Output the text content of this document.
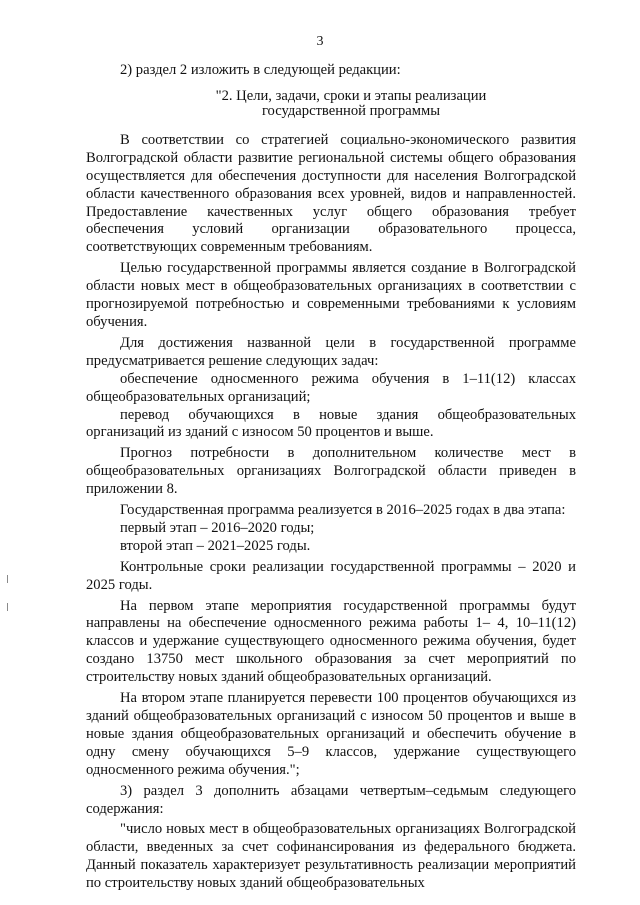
3

2) раздел 2 изложить в следующей редакции:

"2. Цели, задачи, сроки и этапы реализации
государственной программы

В соответствии со стратегией социально-экономического развития Волгоградской области развитие региональной системы общего образования осуществляется для обеспечения доступности для населения Волгоградской области качественного образования всех уровней, видов и направленностей. Предоставление качественных услуг общего образования требует обеспечения условий организации образовательного процесса, соответствующих современным требованиям.

Целью государственной программы является создание в Волгоградской области новых мест в общеобразовательных организациях в соответствии с прогнозируемой потребностью и современными требованиями к условиям обучения.

Для достижения названной цели в государственной программе предусматривается решение следующих задач:

обеспечение односменного режима обучения в 1–11(12) классах общеобразовательных организаций;

перевод обучающихся в новые здания общеобразовательных организаций из зданий с износом 50 процентов и выше.

Прогноз потребности в дополнительном количестве мест в общеобразовательных организациях Волгоградской области приведен в приложении 8.

Государственная программа реализуется в 2016–2025 годах в два этапа:

первый этап – 2016–2020 годы;

второй этап – 2021–2025 годы.

Контрольные сроки реализации государственной программы – 2020 и 2025 годы.

На первом этапе мероприятия государственной программы будут направлены на обеспечение односменного режима работы 1– 4, 10–11(12) классов и удержание существующего односменного режима обучения, будет создано 13750 мест школьного образования за счет мероприятий по строительству новых зданий общеобразовательных организаций.

На втором этапе планируется перевести 100 процентов обучающихся из зданий общеобразовательных организаций с износом 50 процентов и выше в новые здания общеобразовательных организаций и обеспечить обучение в одну смену обучающихся 5–9 классов, удержание существующего односменного режима обучения.";

3) раздел 3 дополнить абзацами четвертым–седьмым следующего содержания:

"число новых мест в общеобразовательных организациях Волгоградской области, введенных за счет софинансирования из федерального бюджета. Данный показатель характеризует результативность реализации мероприятий по строительству новых зданий общеобразовательных
